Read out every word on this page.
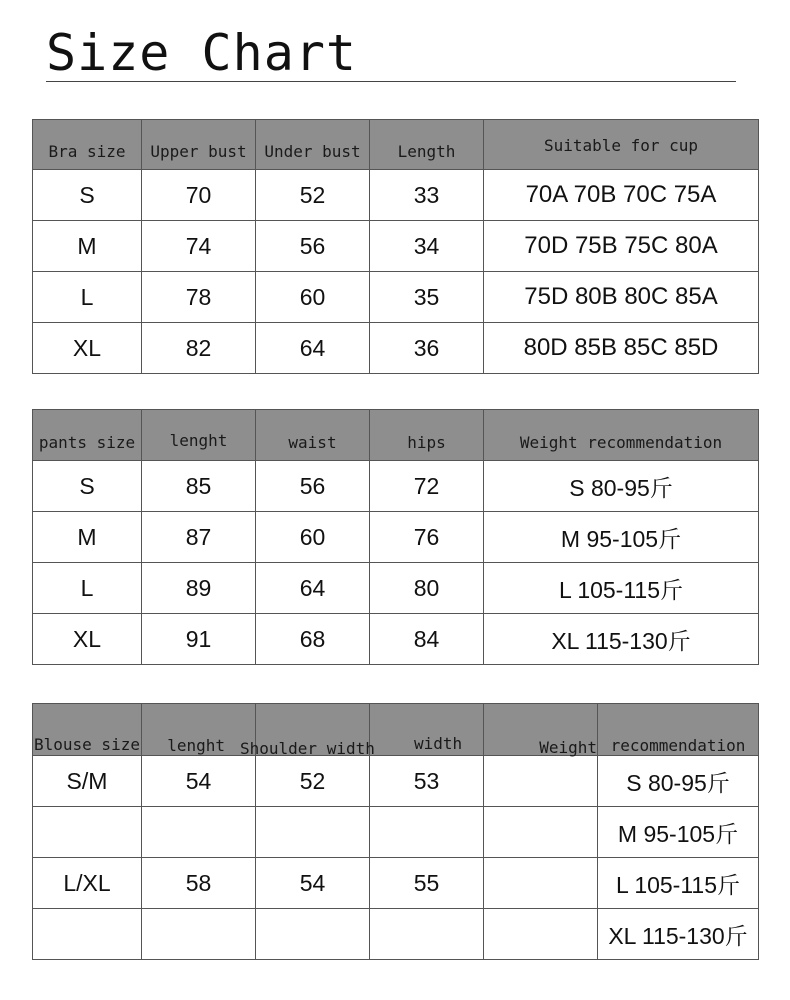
Size Chart
Bra size	Upper bust	Under bust	Length	Suitable for cup
S	70	52	33	70A 70B 70C 75A
M	74	56	34	70D 75B 75C 80A
L	78	60	35	75D 80B 80C 85A
XL	82	64	36	80D 85B 85C 85D
pants size	lenght	waist	hips	Weight recommendation
S	85	56	72	S 80-95斤
M	87	60	76	M 95-105斤
L	89	64	80	L 105-115斤
XL	91	68	84	XL 115-130斤
Blouse size	lenght	Shoulder width	width	Weight	recommendation
S/M	54	52	53		S 80-95斤
					M 95-105斤
L/XL	58	54	55		L 105-115斤
					XL 115-130斤
